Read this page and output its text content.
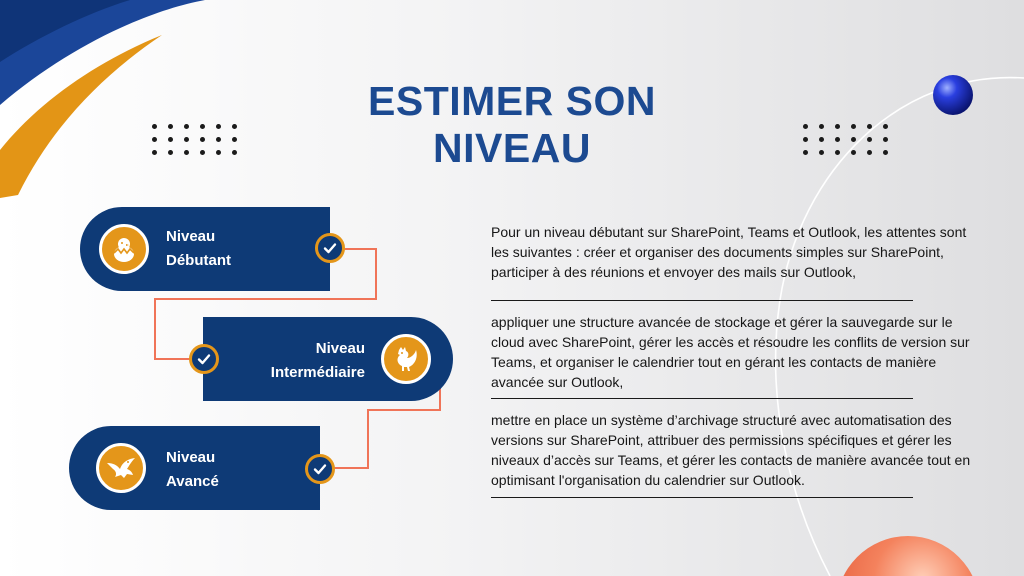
ESTIMER SON
NIVEAU
Niveau
Débutant
Niveau
Intermédiaire
Niveau
Avancé
Pour un niveau débutant sur SharePoint, Teams et Outlook, les attentes sont les suivantes : créer et organiser des documents simples sur SharePoint, participer à des réunions et envoyer des mails sur Outlook,
appliquer une structure avancée de stockage et gérer la sauvegarde sur le cloud avec SharePoint, gérer les accès et résoudre les conflits de version sur Teams, et organiser le calendrier tout en gérant les contacts de manière avancée sur Outlook,
mettre en place un système d’archivage structuré avec automatisation des versions sur SharePoint, attribuer des permissions spécifiques et gérer les niveaux d’accès sur Teams, et gérer les contacts de manière avancée tout en optimisant l'organisation du calendrier sur Outlook.
